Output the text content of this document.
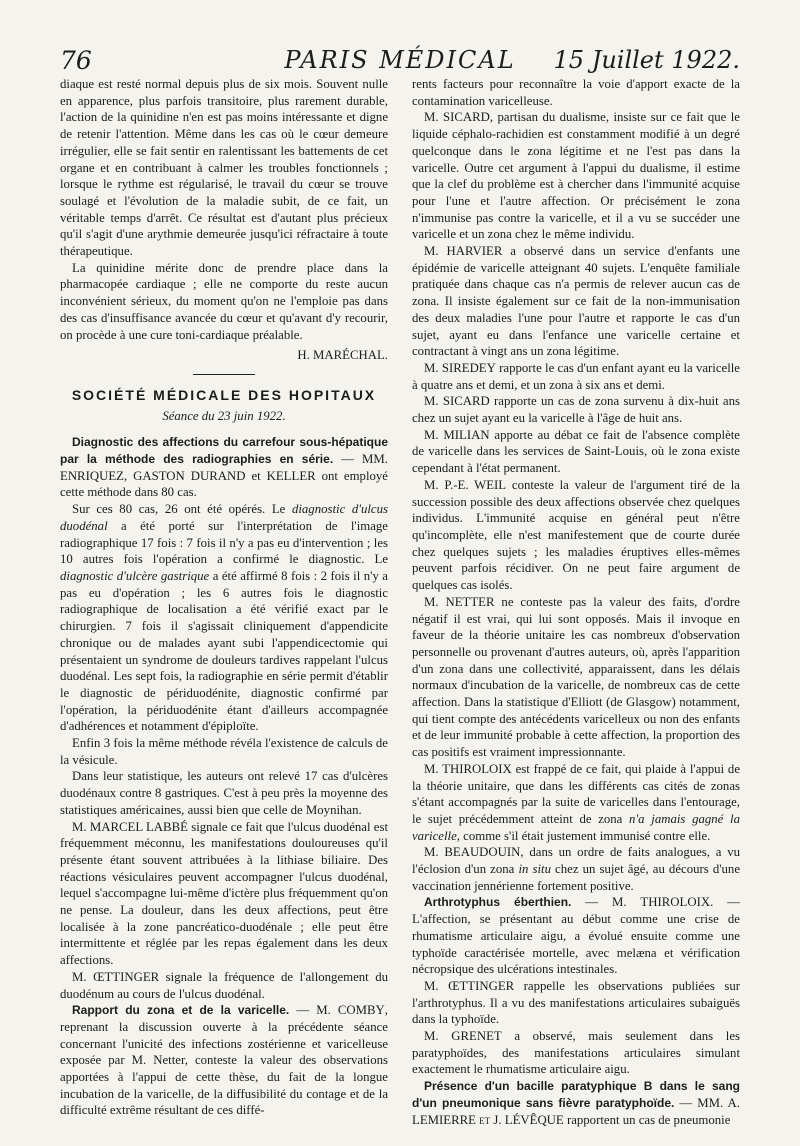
76	PARIS MÉDICAL	15 Juillet 1922.

diaque est resté normal depuis plus de six mois. Souvent nulle en apparence, plus parfois transitoire, plus rarement durable, l'action de la quinidine n'en est pas moins intéressante et digne de retenir l'attention. Même dans les cas où le cœur demeure irrégulier, elle se fait sentir en ralentissant les battements de cet organe et en contribuant à calmer les troubles fonctionnels ; lorsque le rythme est régularisé, le travail du cœur se trouve soulagé et l'évolution de la maladie subit, de ce fait, un véritable temps d'arrêt. Ce résultat est d'autant plus précieux qu'il s'agit d'une arythmie demeurée jusqu'ici réfractaire à toute thérapeutique.

La quinidine mérite donc de prendre place dans la pharmacopée cardiaque ; elle ne comporte du reste aucun inconvénient sérieux, du moment qu'on ne l'emploie pas dans des cas d'insuffisance avancée du cœur et qu'avant d'y recourir, on procède à une cure toni-cardiaque préalable.

H. MARÉCHAL.
SOCIÉTÉ MÉDICALE DES HOPITAUX
Séance du 23 juin 1922.

Diagnostic des affections du carrefour sous-hépatique par la méthode des radiographies en série. — MM. ENRIQUEZ, GASTON DURAND et KELLER ont employé cette méthode dans 80 cas.

Sur ces 80 cas, 26 ont été opérés. Le diagnostic d'ulcus duodénal a été porté sur l'interprétation de l'image radiographique 17 fois : 7 fois il n'y a pas eu d'intervention ; les 10 autres fois l'opération a confirmé le diagnostic. Le diagnostic d'ulcère gastrique a été affirmé 8 fois : 2 fois il n'y a pas eu d'opération ; les 6 autres fois le diagnostic radiographique de localisation a été vérifié exact par le chirurgien. 7 fois il s'agissait cliniquement d'appendicite chronique ou de malades ayant subi l'appendicectomie qui présentaient un syndrome de douleurs tardives rappelant l'ulcus duodénal. Les sept fois, la radiographie en série permit d'établir le diagnostic de périduodénite, diagnostic confirmé par l'opération, la périduodénite étant d'ailleurs accompagnée d'adhérences et notamment d'épiploïte.

Enfin 3 fois la même méthode révéla l'existence de calculs de la vésicule.

Dans leur statistique, les auteurs ont relevé 17 cas d'ulcères duodénaux contre 8 gastriques. C'est à peu près la moyenne des statistiques américaines, aussi bien que celle de Moynihan.

M. MARCEL LABBÉ signale ce fait que l'ulcus duodénal est fréquemment méconnu, les manifestations douloureuses qu'il présente étant souvent attribuées à la lithiase biliaire. Des réactions vésiculaires peuvent accompagner l'ulcus duodénal, lequel s'accompagne lui-même d'ictère plus fréquemment qu'on ne pense. La douleur, dans les deux affections, peut être localisée à la zone pancréatico-duodénale ; elle peut être intermittente et réglée par les repas également dans les deux affections.

M. ŒTTINGER signale la fréquence de l'allongement du duodénum au cours de l'ulcus duodénal.

Rapport du zona et de la varicelle. — M. COMBY, reprenant la discussion ouverte à la précédente séance concernant l'unicité des infections zostérienne et varicelleuse exposée par M. Netter, conteste la valeur des observations apportées à l'appui de cette thèse, du fait de la longue incubation de la varicelle, de la diffusibilité du contage et de la difficulté extrême résultant de ces diffé-

rents facteurs pour reconnaître la voie d'apport exacte de la contamination varicelleuse.

M. SICARD, partisan du dualisme, insiste sur ce fait que le liquide céphalo-rachidien est constamment modifié à un degré quelconque dans le zona légitime et ne l'est pas dans la varicelle. Outre cet argument à l'appui du dualisme, il estime que la clef du problème est à chercher dans l'immunité acquise pour l'une et l'autre affection. Or précisément le zona n'immunise pas contre la varicelle, et il a vu se succéder une varicelle et un zona chez le même individu.

M. HARVIER a observé dans un service d'enfants une épidémie de varicelle atteignant 40 sujets. L'enquête familiale pratiquée dans chaque cas n'a permis de relever aucun cas de zona. Il insiste également sur ce fait de la non-immunisation des deux maladies l'une pour l'autre et rapporte le cas d'un sujet, ayant eu dans l'enfance une varicelle certaine et contractant à vingt ans un zona légitime.

M. SIREDEY rapporte le cas d'un enfant ayant eu la varicelle à quatre ans et demi, et un zona à six ans et demi.

M. SICARD rapporte un cas de zona survenu à dix-huit ans chez un sujet ayant eu la varicelle à l'âge de huit ans.

M. MILIAN apporte au débat ce fait de l'absence complète de varicelle dans les services de Saint-Louis, où le zona existe cependant à l'état permanent.

M. P.-E. WEIL conteste la valeur de l'argument tiré de la succession possible des deux affections observée chez quelques individus. L'immunité acquise en général peut n'être qu'incomplète, elle n'est manifestement que de courte durée chez quelques sujets ; les maladies éruptives elles-mêmes peuvent parfois récidiver. On ne peut faire argument de quelques cas isolés.

M. NETTER ne conteste pas la valeur des faits, d'ordre négatif il est vrai, qui lui sont opposés. Mais il invoque en faveur de la théorie unitaire les cas nombreux d'observation personnelle ou provenant d'autres auteurs, où, après l'apparition d'un zona dans une collectivité, apparaissent, dans les délais normaux d'incubation de la varicelle, de nombreux cas de cette affection. Dans la statistique d'Elliott (de Glasgow) notamment, qui tient compte des antécédents varicelleux ou non des enfants et de leur immunité probable à cette affection, la proportion des cas positifs est vraiment impressionnante.

M. THIROLOIX est frappé de ce fait, qui plaide à l'appui de la théorie unitaire, que dans les différents cas cités de zonas s'étant accompagnés par la suite de varicelles dans l'entourage, le sujet précédemment atteint de zona n'a jamais gagné la varicelle, comme s'il était justement immunisé contre elle.

M. BEAUDOUIN, dans un ordre de faits analogues, a vu l'éclosion d'un zona in situ chez un sujet âgé, au décours d'une vaccination jennérienne fortement positive.

Arthrotyphus éberthien. — M. THIROLOIX. — L'affection, se présentant au début comme une crise de rhumatisme articulaire aigu, a évolué ensuite comme une typhoïde caractérisée mortelle, avec melæna et vérification nécropsique des ulcérations intestinales.

M. ŒTTINGER rappelle les observations publiées sur l'arthrotyphus. Il a vu des manifestations articulaires subaiguës dans la typhoïde.

M. GRENET a observé, mais seulement dans les paratyphoïdes, des manifestations articulaires simulant exactement le rhumatisme articulaire aigu.

Présence d'un bacille paratyphique B dans le sang d'un pneumonique sans fièvre paratyphoïde. — MM. A. LEMIERRE et J. LÉVÊQUE rapportent un cas de pneumonie
